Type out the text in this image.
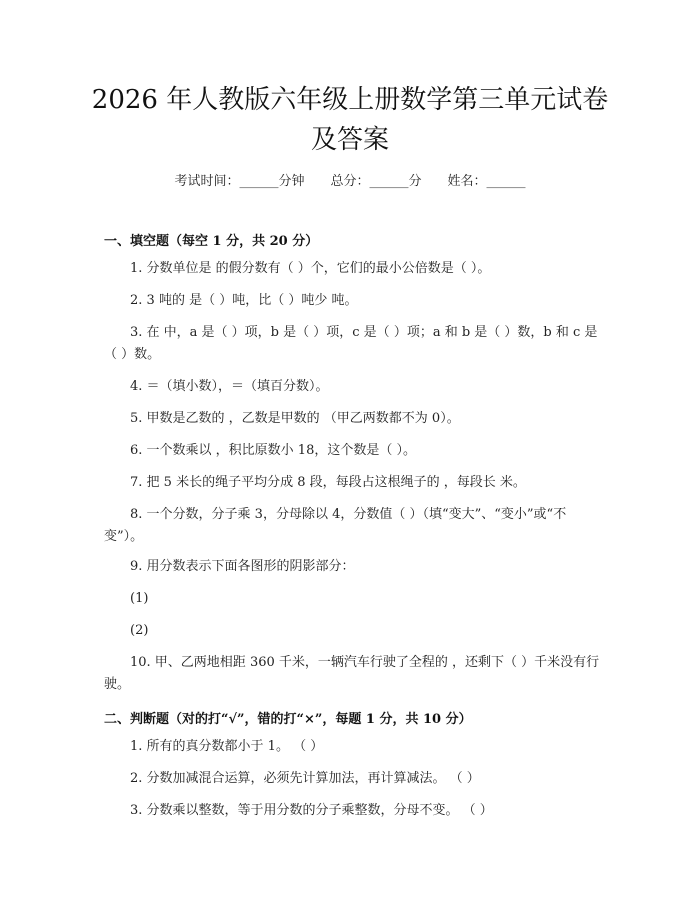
2026 年人教版六年级上册数学第三单元试卷
及答案
考试时间：______分钟 总分：______分 姓名：______
一、填空题（每空 1 分，共 20 分）
1. 分数单位是 的假分数有（ ）个，它们的最小公倍数是（ ）。
2. 3 吨的 是（ ）吨，比（ ）吨少 吨。
3. 在 中，a 是（ ）项，b 是（ ）项，c 是（ ）项；a 和 b 是（ ）数，b 和 c 是（ ）数。
4. ＝（填小数），＝（填百分数）。
5. 甲数是乙数的 ，乙数是甲数的 （甲乙两数都不为 0）。
6. 一个数乘以 ，积比原数小 18，这个数是（ ）。
7. 把 5 米长的绳子平均分成 8 段，每段占这根绳子的 ，每段长 米。
8. 一个分数，分子乘 3，分母除以 4，分数值（ ）（填“变大”、“变小”或“不变”）。
9. 用分数表示下面各图形的阴影部分：
(1)
(2)
10. 甲、乙两地相距 360 千米，一辆汽车行驶了全程的 ，还剩下（ ）千米没有行驶。
二、判断题（对的打“√”，错的打“×”，每题 1 分，共 10 分）
1. 所有的真分数都小于 1。 （ ）
2. 分数加减混合运算，必须先计算加法，再计算减法。 （ ）
3. 分数乘以整数，等于用分数的分子乘整数，分母不变。 （ ）
